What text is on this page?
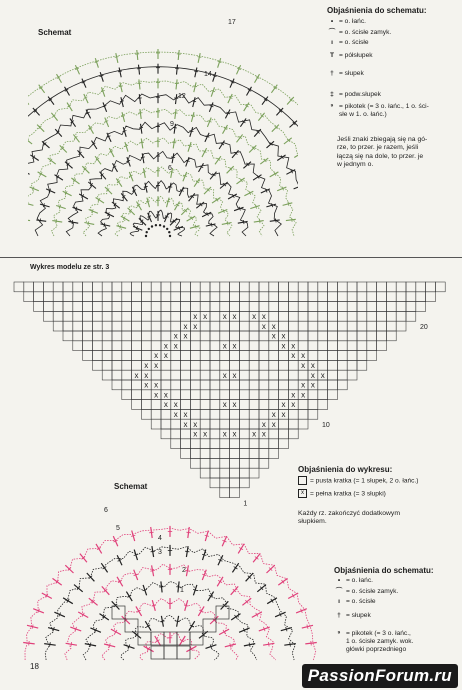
Schemat
17
14
12
9
6
Objaśnienia do schematu:
• = o. łańc.
⌒ = o. ścisłe zamyk.
ı = o. ścisłe
T = półsłupek
† = słupek
‡ = podw.słupek
⁹ = pikotek (= 3 o. łańc., 1 o. ści-
słe w 1. o. łańc.)
Jeśli znaki zbiegają się na gó-
rze, to przer. je razem, jeśli
łączą się na dole, to przer. je
w jednym o.
Wykres modelu ze str. 3
x x	x x
x x
x x	x x
x x	x x
x x	x x
x x
x x	x x
x x	x x
x x	x x
x x
x x	x x
x x	x x
x x	x x
x x
x x	x x
x x	x x
x x	x x
x x
20
10
1
Objaśnienia do wykresu:
= pusta kratka (= 1 słupek, 2 o. łańc.)
x = pełna kratka (= 3 słupki)
Każdy rz. zakończyć dodatkowym
słupkiem.
Schemat
6
5
4
3
2
1
Objaśnienia do schematu:
• = o. łańc.
⌒ = o. ścisłe zamyk.
ı = o. ścisłe
† = słupek
⁹ = pikotek (= 3 o. łańc.,
1 o. ścisłe zamyk. wok.
główki poprzedniego
18	PassionForum.ru
